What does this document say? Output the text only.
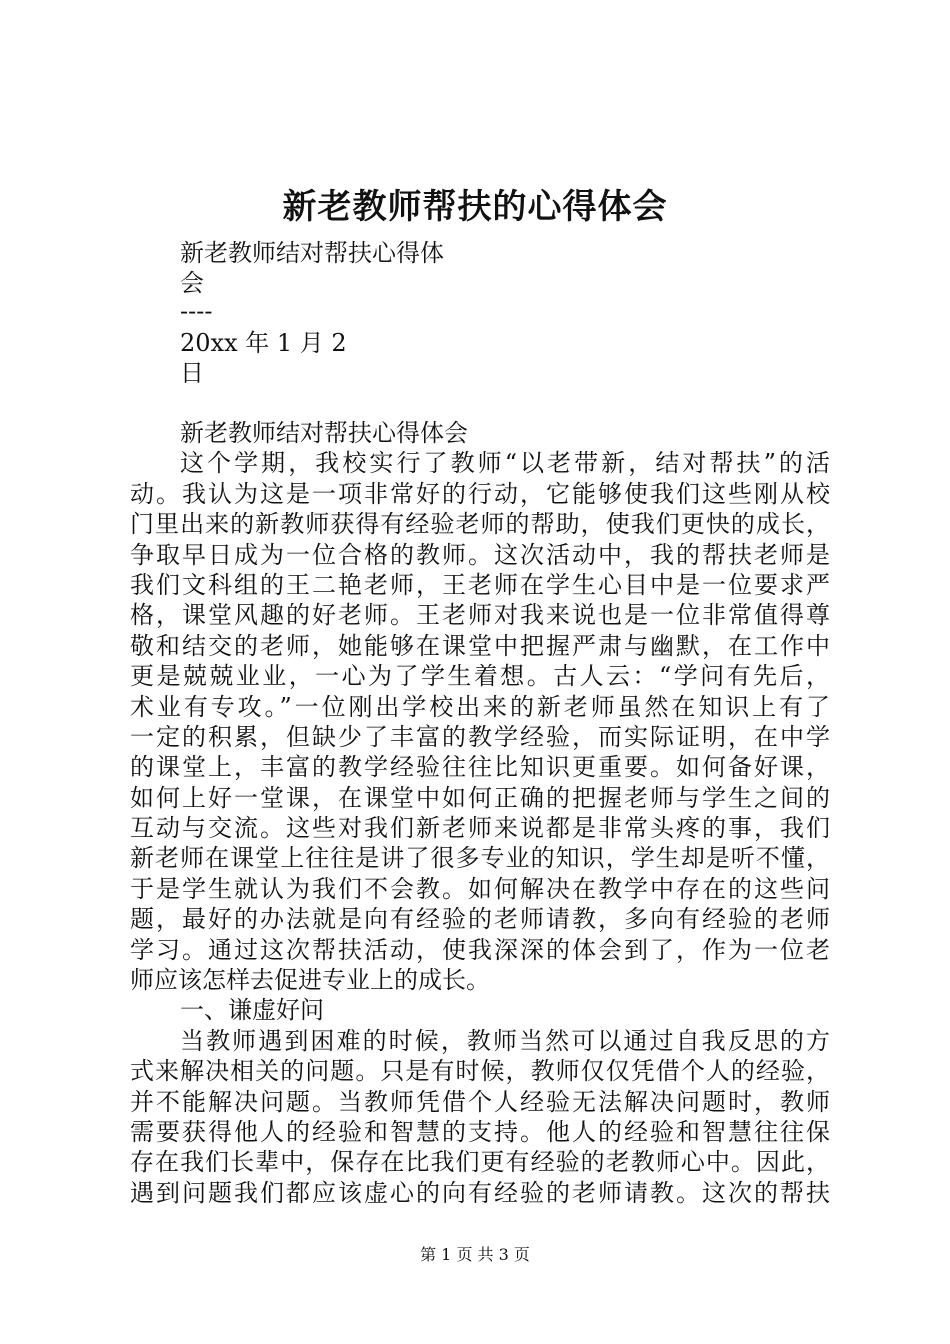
新老教师帮扶的心得体会
新老教师结对帮扶心得体
会
----
20xx 年 1 月 2
日
新老教师结对帮扶心得体会
这个学期，我校实行了教师“以老带新，结对帮扶”的活
动。我认为这是一项非常好的行动，它能够使我们这些刚从校
门里出来的新教师获得有经验老师的帮助，使我们更快的成长，
争取早日成为一位合格的教师。这次活动中，我的帮扶老师是
我们文科组的王二艳老师，王老师在学生心目中是一位要求严
格，课堂风趣的好老师。王老师对我来说也是一位非常值得尊
敬和结交的老师，她能够在课堂中把握严肃与幽默，在工作中
更是兢兢业业，一心为了学生着想。古人云：“学问有先后，
术业有专攻。”一位刚出学校出来的新老师虽然在知识上有了
一定的积累，但缺少了丰富的教学经验，而实际证明，在中学
的课堂上，丰富的教学经验往往比知识更重要。如何备好课，
如何上好一堂课，在课堂中如何正确的把握老师与学生之间的
互动与交流。这些对我们新老师来说都是非常头疼的事，我们
新老师在课堂上往往是讲了很多专业的知识，学生却是听不懂，
于是学生就认为我们不会教。如何解决在教学中存在的这些问
题，最好的办法就是向有经验的老师请教，多向有经验的老师
学习。通过这次帮扶活动，使我深深的体会到了，作为一位老
师应该怎样去促进专业上的成长。
一、谦虚好问
当教师遇到困难的时候，教师当然可以通过自我反思的方
式来解决相关的问题。只是有时候，教师仅仅凭借个人的经验，
并不能解决问题。当教师凭借个人经验无法解决问题时，教师
需要获得他人的经验和智慧的支持。他人的经验和智慧往往保
存在我们长辈中，保存在比我们更有经验的老教师心中。因此，
遇到问题我们都应该虚心的向有经验的老师请教。这次的帮扶
第 1 页 共 3 页
